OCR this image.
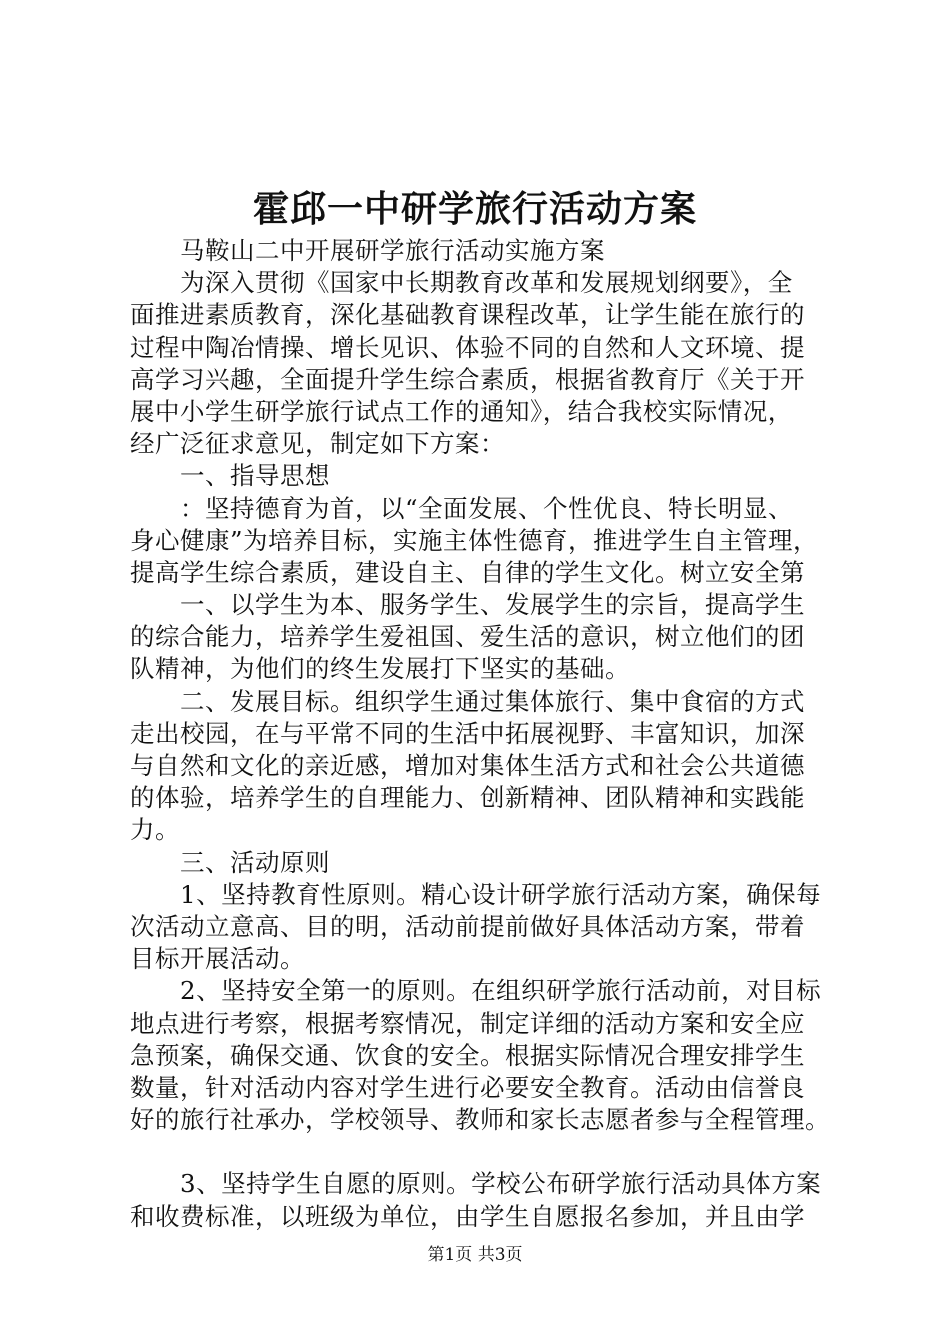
霍邱一中研学旅行活动方案
　　马鞍山二中开展研学旅行活动实施方案
　　为深入贯彻《国家中长期教育改革和发展规划纲要》，全
面推进素质教育，深化基础教育课程改革，让学生能在旅行的
过程中陶冶情操、增长见识、体验不同的自然和人文环境、提
高学习兴趣，全面提升学生综合素质，根据省教育厅《关于开
展中小学生研学旅行试点工作的通知》，结合我校实际情况，
经广泛征求意见，制定如下方案：
　　一、指导思想
　　：坚持德育为首，以“全面发展、个性优良、特长明显、
身心健康”为培养目标，实施主体性德育，推进学生自主管理，
提高学生综合素质，建设自主、自律的学生文化。树立安全第
　　一、以学生为本、服务学生、发展学生的宗旨，提高学生
的综合能力，培养学生爱祖国、爱生活的意识，树立他们的团
队精神，为他们的终生发展打下坚实的基础。
　　二、发展目标。组织学生通过集体旅行、集中食宿的方式
走出校园，在与平常不同的生活中拓展视野、丰富知识，加深
与自然和文化的亲近感，增加对集体生活方式和社会公共道德
的体验，培养学生的自理能力、创新精神、团队精神和实践能
力。
　　三、活动原则
　　1、坚持教育性原则。精心设计研学旅行活动方案，确保每
次活动立意高、目的明，活动前提前做好具体活动方案，带着
目标开展活动。
　　2、坚持安全第一的原则。在组织研学旅行活动前，对目标
地点进行考察，根据考察情况，制定详细的活动方案和安全应
急预案，确保交通、饮食的安全。根据实际情况合理安排学生
数量，针对活动内容对学生进行必要安全教育。活动由信誉良
好的旅行社承办，学校领导、教师和家长志愿者参与全程管理。
　　3、坚持学生自愿的原则。学校公布研学旅行活动具体方案
和收费标准，以班级为单位，由学生自愿报名参加，并且由学
第1页 共3页
